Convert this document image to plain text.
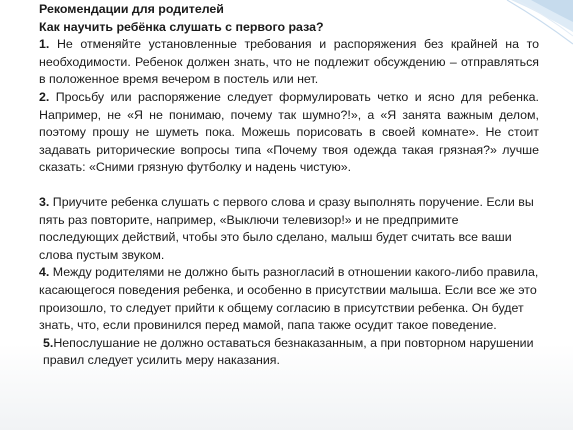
Рекомендации для родителей

Как научить ребёнка слушать с первого раза?

1. Не отменяйте установленные требования и распоряжения без крайней на то необходимости. Ребенок должен знать, что не подлежит обсуждению – отправляться в положенное время вечером в постель или нет.

2. Просьбу или распоряжение следует формулировать четко и ясно для ребенка. Например, не «Я не понимаю, почему так шумно?!», а «Я занята важным делом, поэтому прошу не шуметь пока. Можешь порисовать в своей комнате». Не стоит задавать риторические вопросы типа «Почему твоя одежда такая грязная?» лучше сказать: «Сними грязную футболку и надень чистую».

3. Приучите ребенка слушать с первого слова и сразу выполнять поручение. Если вы пять раз повторите, например, «Выключи телевизор!» и не предпримите последующих действий, чтобы это было сделано, малыш будет считать все ваши слова пустым звуком.

4. Между родителями не должно быть разногласий в отношении какого-либо правила, касающегося поведения ребенка, и особенно в присутствии малыша. Если все же это произошло, то следует прийти к общему согласию в присутствии ребенка. Он будет знать, что, если провинился перед мамой, папа также осудит такое поведение.

5.Непослушание не должно оставаться безнаказанным, а при повторном нарушении правил следует усилить меру наказания.
